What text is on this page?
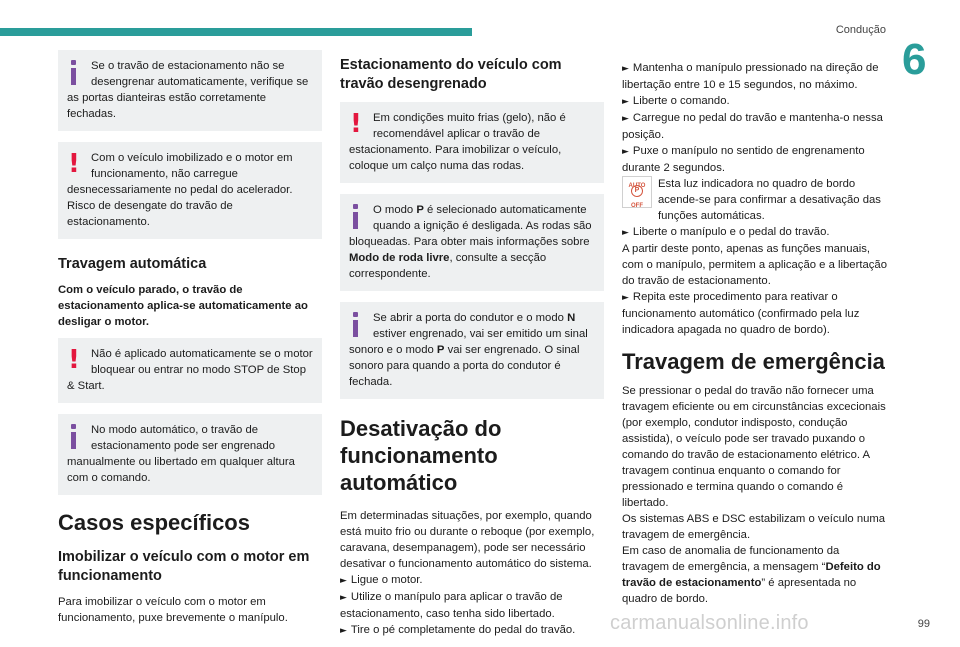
Condução
6
Se o travão de estacionamento não se desengrenar automaticamente, verifique se
as portas dianteiras estão corretamente fechadas.
! Com o veículo imobilizado e o motor em funcionamento, não carregue
desnecessariamente no pedal do acelerador. Risco de desengate do travão de estacionamento.
Travagem automática
Com o veículo parado, o travão de estacionamento aplica-se automaticamente ao desligar o motor.
! Não é aplicado automaticamente se o motor bloquear ou entrar no modo STOP de Stop
& Start.
No modo automático, o travão de estacionamento pode ser engrenado
manualmente ou libertado em qualquer altura com o comando.
Casos específicos
Imobilizar o veículo com o motor em funcionamento
Para imobilizar o veículo com o motor em funcionamento, puxe brevemente o manípulo.
Estacionamento do veículo com travão desengrenado
! Em condições muito frias (gelo), não é recomendável aplicar o travão de
estacionamento. Para imobilizar o veículo, coloque um calço numa das rodas.
O modo P é selecionado automaticamente quando a ignição é desligada. As rodas são
bloqueadas. Para obter mais informações sobre Modo de roda livre, consulte a secção correspondente.
Se abrir a porta do condutor e o modo N estiver engrenado, vai ser emitido um sinal
sonoro e o modo P vai ser engrenado. O sinal sonoro para quando a porta do condutor é fechada.
Desativação do funcionamento automático
Em determinadas situações, por exemplo, quando está muito frio ou durante o reboque (por exemplo, caravana, desempanagem), pode ser necessário desativar o funcionamento automático do sistema.
► Ligue o motor.
► Utilize o manípulo para aplicar o travão de estacionamento, caso tenha sido libertado.
► Tire o pé completamente do pedal do travão.
► Mantenha o manípulo pressionado na direção de libertação entre 10 e 15 segundos, no máximo.
► Liberte o comando.
► Carregue no pedal do travão e mantenha-o nessa posição.
► Puxe o manípulo no sentido de engrenamento durante 2 segundos.
AUTO
P
OFF
Esta luz indicadora no quadro de bordo acende-se para confirmar a desativação das funções automáticas.
► Liberte o manípulo e o pedal do travão.
A partir deste ponto, apenas as funções manuais, com o manípulo, permitem a aplicação e a libertação do travão de estacionamento.
► Repita este procedimento para reativar o funcionamento automático (confirmado pela luz indicadora apagada no quadro de bordo).
Travagem de emergência
Se pressionar o pedal do travão não fornecer uma travagem eficiente ou em circunstâncias excecionais (por exemplo, condutor indisposto, condução assistida), o veículo pode ser travado puxando o comando do travão de estacionamento elétrico. A travagem continua enquanto o comando for pressionado e termina quando o comando é libertado.
Os sistemas ABS e DSC estabilizam o veículo numa travagem de emergência.
Em caso de anomalia de funcionamento da travagem de emergência, a mensagem “Defeito do travão de estacionamento” é apresentada no quadro de bordo.
carmanualsonline.info	99
